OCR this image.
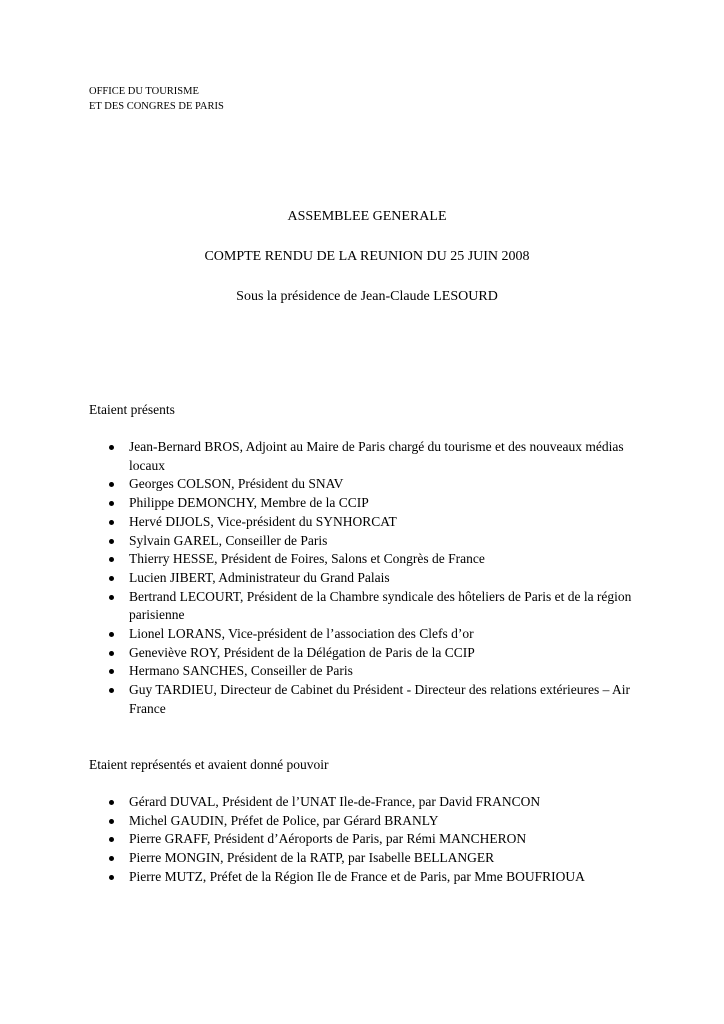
OFFICE DU TOURISME
ET DES CONGRES DE PARIS
ASSEMBLEE GENERALE
COMPTE RENDU DE LA REUNION DU 25 JUIN 2008
Sous la présidence de Jean-Claude LESOURD
Etaient présents
Jean-Bernard BROS, Adjoint au Maire de Paris chargé du tourisme et des nouveaux médias locaux
Georges COLSON, Président du SNAV
Philippe DEMONCHY, Membre de la CCIP
Hervé DIJOLS, Vice-président du SYNHORCAT
Sylvain GAREL, Conseiller de Paris
Thierry HESSE, Président de Foires, Salons et Congrès de France
Lucien JIBERT, Administrateur du Grand Palais
Bertrand LECOURT, Président de la Chambre syndicale des hôteliers de Paris et de la région parisienne
Lionel LORANS, Vice-président de l’association des Clefs d’or
Geneviève ROY, Président de la Délégation de Paris de la CCIP
Hermano SANCHES, Conseiller de Paris
Guy TARDIEU, Directeur de Cabinet du Président - Directeur des relations extérieures – Air France
Etaient représentés et avaient donné pouvoir
Gérard DUVAL, Président de l’UNAT Ile-de-France, par David FRANCON
Michel GAUDIN, Préfet de Police, par Gérard BRANLY
Pierre GRAFF, Président d’Aéroports de Paris, par Rémi MANCHERON
Pierre MONGIN, Président de la RATP, par Isabelle BELLANGER
Pierre MUTZ, Préfet de la Région Ile de France et de Paris, par Mme BOUFRIOUA
